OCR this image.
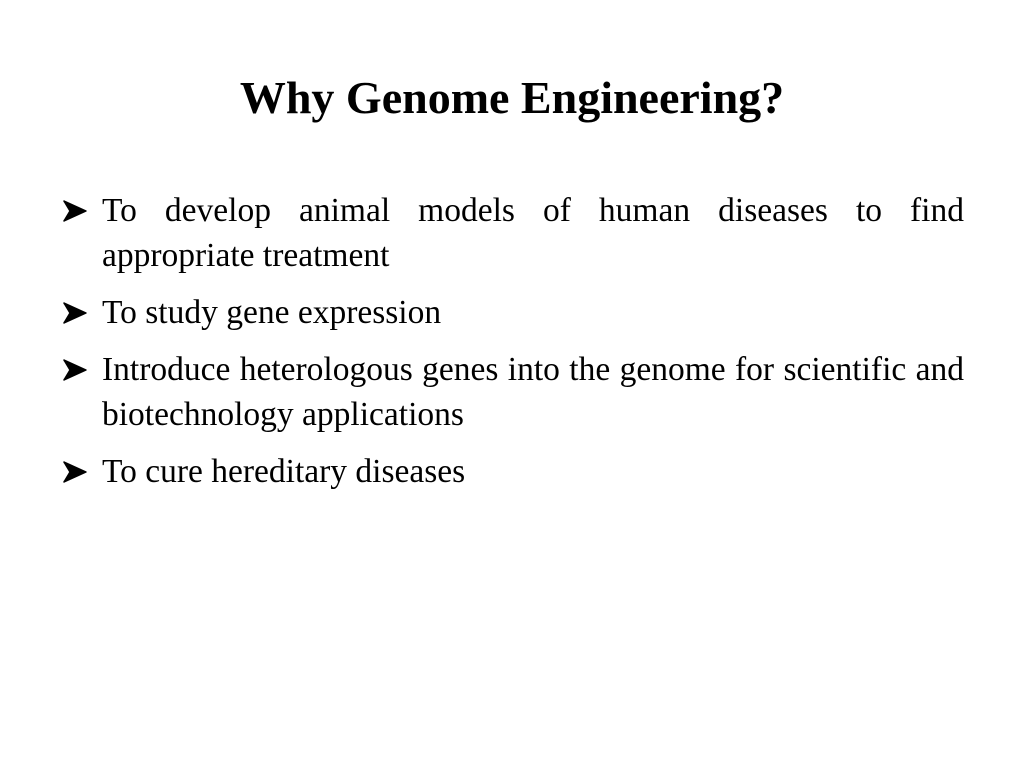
Why Genome Engineering?
To develop animal models of human diseases to find appropriate treatment
To study gene expression
Introduce heterologous genes into the genome for scientific and biotechnology applications
To cure hereditary diseases
